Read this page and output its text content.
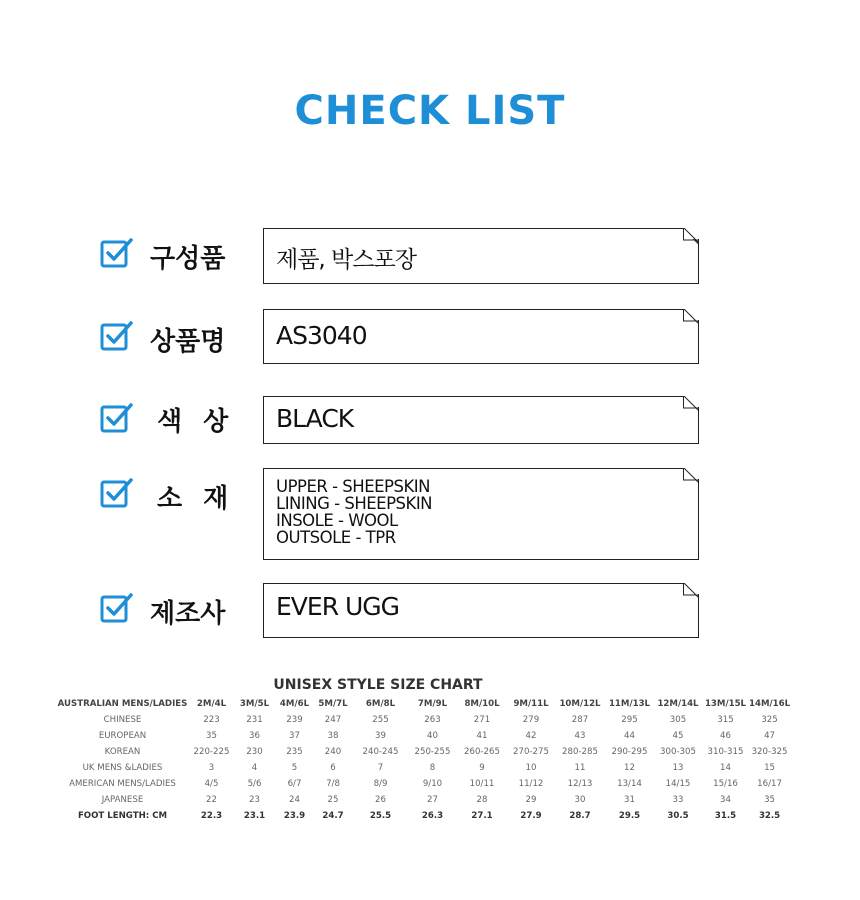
CHECK LIST
구성품 제품, 박스포장
상품명 AS3040
색 상 BLACK
소 재	UPPER - SHEEPSKIN
LINING - SHEEPSKIN
INSOLE - WOOL
OUTSOLE - TPR
제조사 EVER UGG
UNISEX STYLE SIZE CHART
AUSTRALIAN MENS/LADIES	2M/4L	3M/5L	4M/6L	5M/7L	6M/8L	7M/9L	8M/10L	9M/11L	10M/12L	11M/13L	12M/14L	13M/15L	14M/16L
CHINESE	223	231	239	247	255	263	271	279	287	295	305	315	325
EUROPEAN	35	36	37	38	39	40	41	42	43	44	45	46	47
KOREAN	220-225	230	235	240	240-245	250-255	260-265	270-275	280-285	290-295	300-305	310-315	320-325
UK MENS &LADIES	3	4	5	6	7	8	9	10	11	12	13	14	15
AMERICAN MENS/LADIES	4/5	5/6	6/7	7/8	8/9	9/10	10/11	11/12	12/13	13/14	14/15	15/16	16/17
JAPANESE	22	23	24	25	26	27	28	29	30	31	33	34	35
FOOT LENGTH: CM	22.3	23.1	23.9	24.7	25.5	26.3	27.1	27.9	28.7	29.5	30.5	31.5	32.5
